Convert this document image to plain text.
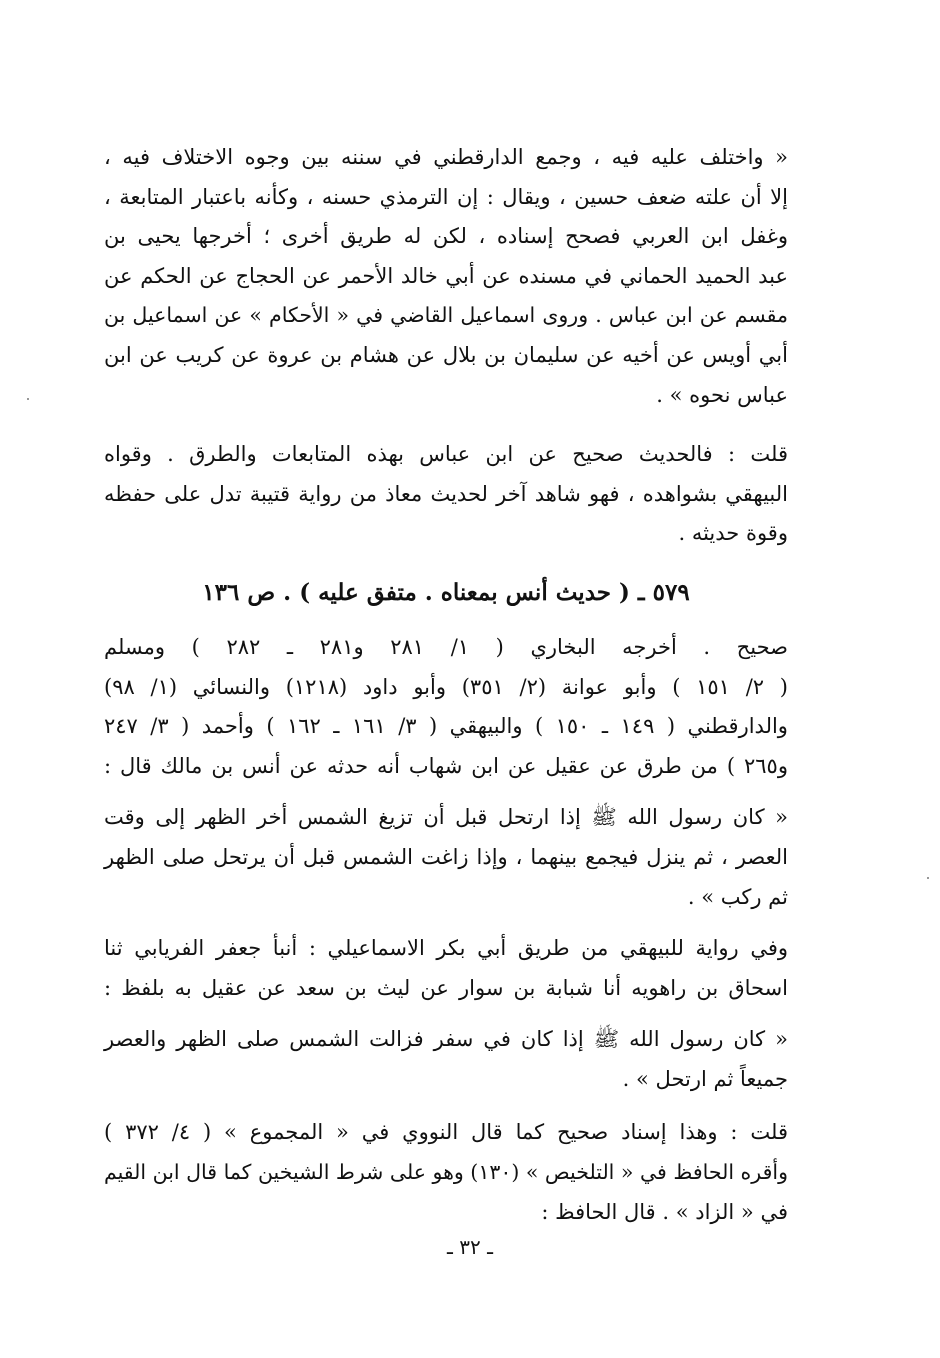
« واختلف عليه فيه ، وجمع الدارقطني في سننه بين وجوه الاختلاف فيه ،
إلا أن علته ضعف حسين ، ويقال : إن الترمذي حسنه ، وكأنه باعتبار المتابعة ،
وغفل ابن العربي فصحح إسناده ، لكن له طريق أخرى ؛ أخرجها يحيى بن
عبد الحميد الحماني في مسنده عن أبي خالد الأحمر عن الحجاج عن الحكم عن
مقسم عن ابن عباس . وروى اسماعيل القاضي في « الأحكام » عن اسماعيل بن
أبي أويس عن أخيه عن سليمان بن بلال عن هشام بن عروة عن كريب عن ابن
عباس نحوه » .

قلت : فالحديث صحيح عن ابن عباس بهذه المتابعات والطرق . وقواه
البيهقي بشواهده ، فهو شاهد آخر لحديث معاذ من رواية قتيبة تدل على حفظه
وقوة حديثه .

٥٧٩ ـ ( حديث أنس بمعناه . متفق عليه ) . ص ١٣٦

صحيح . أخرجه البخاري ( ١/ ٢٨١ و٢٨١ ـ ٢٨٢ ) ومسلم
( ٢/ ١٥١ ) وأبو عوانة (٢/ ٣٥١) وأبو داود (١٢١٨) والنسائي (١/ ٩٨)
والدارقطني ( ١٤٩ ـ ١٥٠ ) والبيهقي ( ٣/ ١٦١ ـ ١٦٢ ) وأحمد ( ٣/ ٢٤٧
و٢٦٥ ) من طرق عن عقيل عن ابن شهاب أنه حدثه عن أنس بن مالك قال :

« كان رسول الله ﷺ إذا ارتحل قبل أن تزيغ الشمس أخر الظهر إلى وقت
العصر ، ثم ينزل فيجمع بينهما ، وإذا زاغت الشمس قبل أن يرتحل صلى الظهر
ثم ركب » .

وفي رواية للبيهقي من طريق أبي بكر الاسماعيلي : أنبأ جعفر الفريابي ثنا
اسحاق بن راهويه أنا شبابة بن سوار عن ليث بن سعد عن عقيل به بلفظ :

« كان رسول الله ﷺ إذا كان في سفر فزالت الشمس صلى الظهر والعصر
جميعاً ثم ارتحل » .

قلت : وهذا إسناد صحيح كما قال النووي في « المجموع » ( ٤/ ٣٧٢ )
وأقره الحافظ في « التلخيص » (١٣٠) وهو على شرط الشيخين كما قال ابن القيم
في « الزاد » . قال الحافظ :

ـ ٣٢ ـ
